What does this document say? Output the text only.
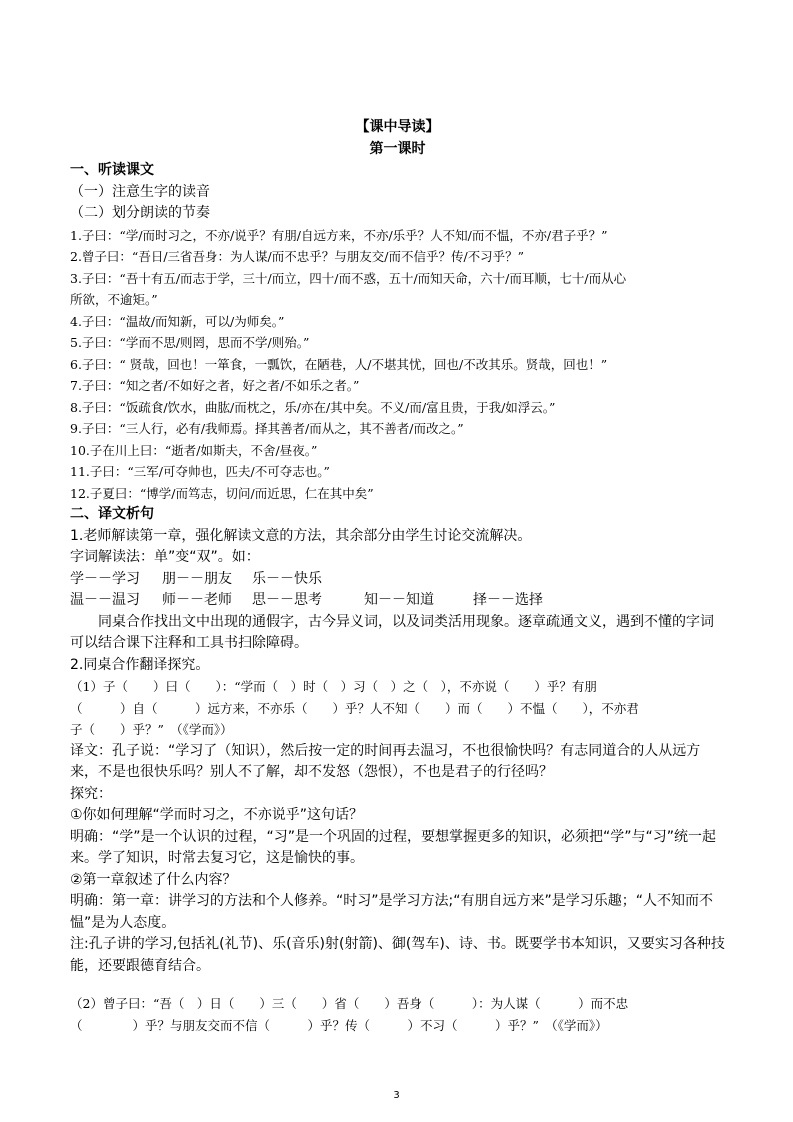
【课中导读】
第一课时
一、听读课文
（一）注意生字的读音
（二）划分朗读的节奏
1.子曰：“学/而时习之，不亦/说乎？有朋/自远方来，不亦/乐乎？人不知/而不愠，不亦/君子乎？”
2.曾子曰：“吾日/三省吾身：为人谋/而不忠乎？与朋友交/而不信乎？传/不习乎？”
3.子曰：“吾十有五/而志于学，三十/而立，四十/而不惑，五十/而知天命，六十/而耳顺，七十/而从心
所欲，不逾矩。”
4.子曰：“温故/而知新，可以/为师矣。”
5.子曰：“学而不思/则罔，思而不学/则殆。”
6.子曰：“ 贤哉，回也！一箪食，一瓢饮，在陋巷，人/不堪其忧，回也/不改其乐。贤哉，回也！”
7.子曰：“知之者/不如好之者，好之者/不如乐之者。”
8.子曰：“饭疏食/饮水，曲肱/而枕之，乐/亦在/其中矣。不义/而/富且贵，于我/如浮云。”
9.子曰：“三人行，必有/我师焉。择其善者/而从之，其不善者/而改之。”
10.子在川上曰：“逝者/如斯夫，不舍/昼夜。”
11.子曰：“三军/可夺帅也，匹夫/不可夺志也。”
12.子夏曰：“博学/而笃志，切问/而近思，仁在其中矣”
二、译文析句
1.老师解读第一章，强化解读文意的方法，其余部分由学生讨论交流解决。
字词解读法：单”变“双”。如：
学－－学习 朋－－朋友 乐－－快乐
温－－温习 师－－老师 思－－思考	知－－知道	择－－选择
同桌合作找出文中出现的通假字，古今异义词，以及词类活用现象。逐章疏通文义，遇到不懂的字词可以结合课下注释和工具书扫除障碍。
2.同桌合作翻译探究。
（1）子（　　）曰（　　）：“学而（　）时（　）习（　）之（　），不亦说（　　）乎？有朋
（　　　）自（　　　）远方来，不亦乐（　　）乎？人不知（　　）而（　　）不愠（　　），不亦君
子（　　）乎？”　（《学而》）
译文：孔子说：“学习了（知识），然后按一定的时间再去温习，不也很愉快吗？有志同道合的人从远方来，不是也很快乐吗？别人不了解，却不发怒（怨恨），不也是君子的行径吗？
探究：
①你如何理解“学而时习之，不亦说乎”这句话？
明确：“学”是一个认识的过程，“习”是一个巩固的过程，要想掌握更多的知识，必须把“学”与“习”统一起来。学了知识，时常去复习它，这是愉快的事。
②第一章叙述了什么内容？
明确：第一章：讲学习的方法和个人修养。“时习”是学习方法;“有朋自远方来”是学习乐趣；“人不知而不愠”是为人态度。
注:孔子讲的学习,包括礼(礼节)、乐(音乐)射(射箭)、御(驾车)、诗、书。既要学书本知识，又要实习各种技能，还要跟德育结合。
（2）曾子曰：“吾（　）日（　　）三（　　）省（　　）吾身（　　　）：为人谋（　　　）而不忠
（　　　　）乎？与朋友交而不信（　　　）乎？传（　　　）不习（　　　）乎？”　（《学而》）
3
